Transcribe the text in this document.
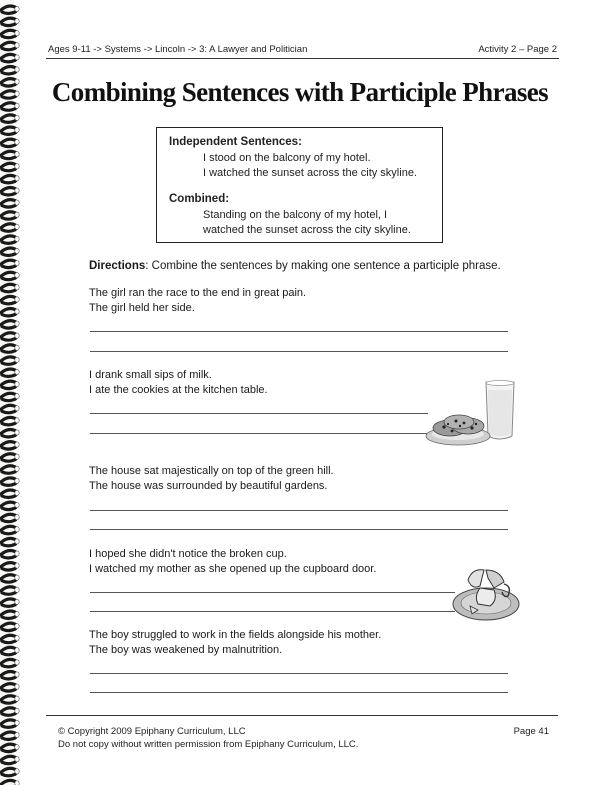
Ages 9-11 -> Systems -> Lincoln -> 3: A Lawyer and Politician	Activity 2 – Page 2
Combining Sentences with Participle Phrases
Independent Sentences:
I stood on the balcony of my hotel.
I watched the sunset across the city skyline.
Combined:
Standing on the balcony of my hotel, I
watched the sunset across the city skyline.
Directions: Combine the sentences by making one sentence a participle phrase.
The girl ran the race to the end in great pain.
The girl held her side.
I drank small sips of milk.
I ate the cookies at the kitchen table.
The house sat majestically on top of the green hill.
The house was surrounded by beautiful gardens.
I hoped she didn't notice the broken cup.
I watched my mother as she opened up the cupboard door.
The boy struggled to work in the fields alongside his mother.
The boy was weakened by malnutrition.
© Copyright 2009 Epiphany Curriculum, LLC
Do not copy without written permission from Epiphany Curriculum, LLC.
Page 41
